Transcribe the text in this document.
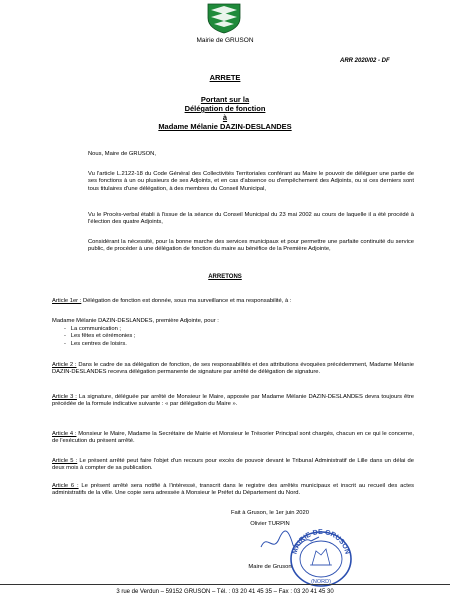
Mairie de GRUSON
ARR 2020/02 - DF
ARRETE
Portant sur la
Délégation de fonction
à
Madame Mélanie DAZIN-DESLANDES
Nous, Maire de GRUSON,
Vu l'article L.2122-18 du Code Général des Collectivités Territoriales conférant au Maire le pouvoir de déléguer une partie de ses fonctions à un ou plusieurs de ses Adjoints, et en cas d'absence ou d'empêchement des Adjoints, ou si ces derniers sont tous titulaires d'une délégation, à des membres du Conseil Municipal,
Vu le Procès-verbal établi à l'issue de la séance du Conseil Municipal du 23 mai 2002 au cours de laquelle il a été procédé à l'élection des quatre Adjoints,
Considérant la nécessité, pour la bonne marche des services municipaux et pour permettre une parfaite continuité du service public, de procéder à une délégation de fonction du maire au bénéfice de la Première Adjointe,
ARRETONS
Article 1er : Délégation de fonction est donnée, sous ma surveillance et ma responsabilité, à :
Madame Mélanie DAZIN-DESLANDES, première Adjointe, pour :
-   La communication ;
-   Les fêtes et cérémonies ;
-   Les centres de loisirs.
Article 2 : Dans le cadre de sa délégation de fonction, de ses responsabilités et des attributions évoquées précédemment, Madame Mélanie DAZIN-DESLANDES recevra délégation permanente de signature par arrêté de délégation de signature.
Article 3 : La signature, déléguée par arrêté de Monsieur le Maire, apposée par Madame Mélanie DAZIN-DESLANDES devra toujours être précédée de la formule indicative suivante : « par délégation du Maire ».
Article 4 : Monsieur le Maire, Madame la Secrétaire de Mairie et Monsieur le Trésorier Principal sont chargés, chacun en ce qui le concerne, de l'exécution du présent arrêté.
Article 5 : Le présent arrêté peut faire l'objet d'un recours pour excès de pouvoir devant le Tribunal Administratif de Lille dans un délai de deux mois à compter de sa publication.
Article 6 : Le présent arrêté sera notifié à l'intéressé, transcrit dans le registre des arrêtés municipaux et inscrit au recueil des actes administratifs de la ville. Une copie sera adressée à Monsieur le Préfet du Département du Nord.
Fait à Gruson, le 1er juin 2020
Olivier TURPIN
MAIRIE DE GRUSON
(NORD)
Maire de Gruson
3 rue de Verdun – 59152 GRUSON – Tél. : 03 20 41 45 35 – Fax : 03 20 41 45 30
